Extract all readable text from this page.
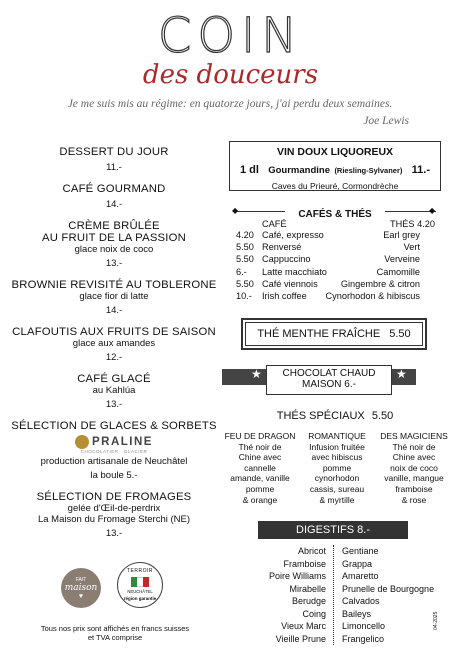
COIN
des douceurs
Je me suis mis au régime: en quatorze jours, j'ai perdu deux semaines.
Joe Lewis
DESSERT DU JOUR
11.-
CAFÉ GOURMAND
14.-
CRÈME BRÛLÉE
AU FRUIT DE LA PASSION
glace noix de coco
13.-
BROWNIE REVISITÉ AU TOBLERONE
glace fior di latte
14.-
CLAFOUTIS AUX FRUITS DE SAISON
glace aux amandes
12.-
CAFÉ GLACÉ
au Kahlúa
13.-
SÉLECTION DE GLACES & SORBETS
PRALINE
CHOCOLATIER · GLACIER
production artisanale de Neuchâtel
la boule 5.-
SÉLECTION DE FROMAGES
gelée d'Œil-de-perdrix
La Maison du Fromage Sterchi (NE)
13.-
FAIT
maison
♥
TERROIR
NEUCHÂTEL
région garantie
Tous nos prix sont affichés en francs suisses
et TVA comprise
VIN DOUX LIQUOREUX
1 dl Gourmandine (Riesling-Sylvaner) 11.-
Caves du Prieuré, Cormondrèche
CAFÉS & THÉS
◆	◆
CAFÉ	THÉS 4.20
4.20 Café, expresso	Earl grey
5.50 Renversé	Vert
5.50 Cappuccino	Verveine
6.-	Latte macchiato	Camomille
5.50 Café viennois	Gingembre & citron
10.-	Irish coffee	Cynorhodon & hibiscus
THÉ MENTHE FRAÎCHE 5.50
★	★
CHOCOLAT CHAUD
MAISON 6.-
THÉS SPÉCIAUX 5.50
FEU DE DRAGON
Thé noir de
Chine avec
cannelle
amande, vanille
pomme
& orange
ROMANTIQUE
Infusion fruitée
avec hibiscus
pomme
cynorhodon
cassis, sureau
& myrtille
DES MAGICIENS
Thé noir de
Chine avec
noix de coco
vanille, mangue
framboise
& rose
DIGESTIFS 8.-
Abricot
Framboise
Poire Williams
Mirabelle
Berudge
Coing
Vieux Marc
Vieille Prune
Gentiane
Grappa
Amaretto
Prunelle de Bourgogne
Calvados
Baileys
Limoncello
Frangelico
04-2025
